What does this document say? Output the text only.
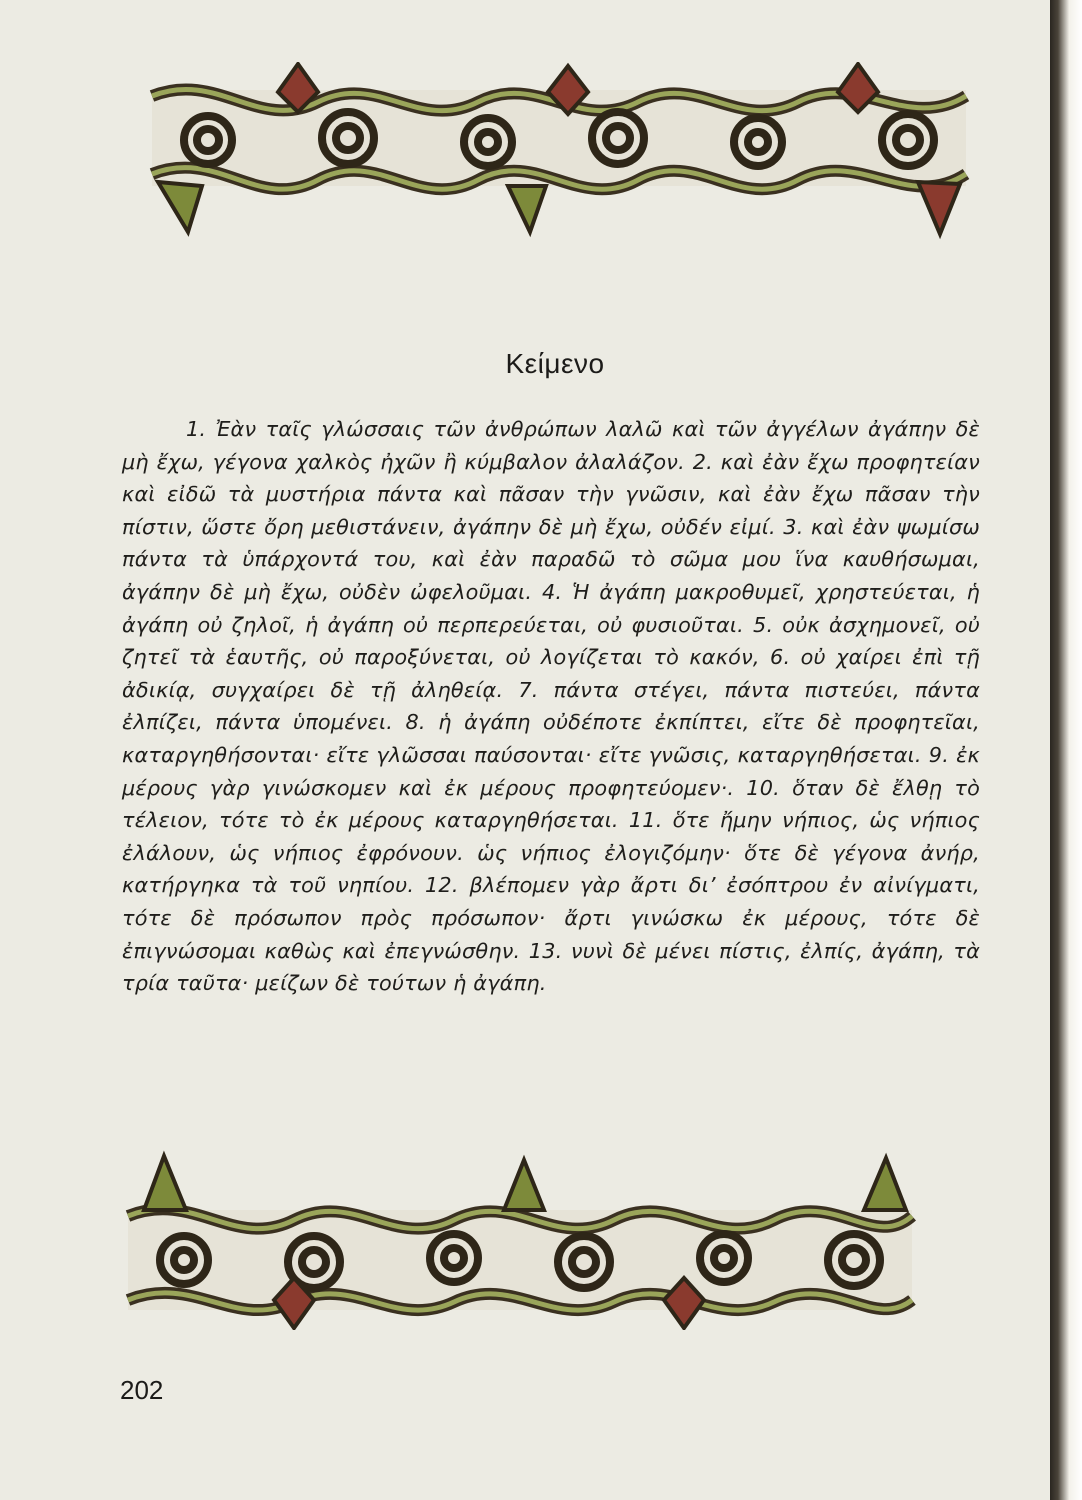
Κείμενο

1. Ἐὰν ταῖς γλώσσαις τῶν ἀνθρώπων λαλῶ καὶ τῶν ἀγγέλων ἀγάπην δὲ μὴ ἔχω, γέγονα χαλκὸς ἠχῶν ἢ κύμβαλον ἀλαλάζον. 2. καὶ ἐὰν ἔχω προφητείαν καὶ εἰδῶ τὰ μυστήρια πάντα καὶ πᾶσαν τὴν γνῶσιν, καὶ ἐὰν ἔχω πᾶσαν τὴν πίστιν, ὥστε ὄρη μεθιστάνειν, ἀγάπην δὲ μὴ ἔχω, οὐδέν εἰμί. 3. καὶ ἐὰν ψωμίσω πάντα τὰ ὑπάρχοντά του, καὶ ἐὰν παραδῶ τὸ σῶμα μου ἵνα καυθήσωμαι, ἀγάπην δὲ μὴ ἔχω, οὐδὲν ὠφελοῦμαι. 4. Ἡ ἀγάπη μακροθυμεῖ, χρηστεύεται, ἡ ἀγάπη οὐ ζηλοῖ, ἡ ἀγάπη οὐ περπερεύεται, οὐ φυσιοῦται. 5. οὐκ ἀσχημονεῖ, οὐ ζητεῖ τὰ ἑαυτῆς, οὐ παροξύνεται, οὐ λογίζεται τὸ κακόν, 6. οὐ χαίρει ἐπὶ τῇ ἀδικίᾳ, συγχαίρει δὲ τῇ ἀληθείᾳ. 7. πάντα στέγει, πάντα πιστεύει, πάντα ἐλπίζει, πάντα ὑπομένει. 8. ἡ ἀγάπη οὐδέποτε ἐκπίπτει, εἴτε δὲ προφητεῖαι, καταργηθήσονται· εἴτε γλῶσσαι παύσονται· εἴτε γνῶσις, καταργηθήσεται. 9. ἐκ μέρους γὰρ γινώσκομεν καὶ ἐκ μέρους προφητεύομεν·. 10. ὅταν δὲ ἔλθῃ τὸ τέλειον, τότε τὸ ἐκ μέρους καταργηθήσεται. 11. ὅτε ἤμην νήπιος, ὡς νήπιος ἐλάλουν, ὡς νήπιος ἐφρόνουν. ὡς νήπιος ἐλογιζόμην· ὅτε δὲ γέγονα ἀνήρ, κατήργηκα τὰ τοῦ νηπίου. 12. βλέπομεν γὰρ ἄρτι δι’ ἐσόπτρου ἐν αἰνίγματι, τότε δὲ πρόσωπον πρὸς πρόσωπον· ἄρτι γινώσκω ἐκ μέρους, τότε δὲ ἐπιγνώσομαι καθὼς καὶ ἐπεγνώσθην. 13. νυνὶ δὲ μένει πίστις, ἐλπίς, ἀγάπη, τὰ τρία ταῦτα· μείζων δὲ τούτων ἡ ἀγάπη.

202
